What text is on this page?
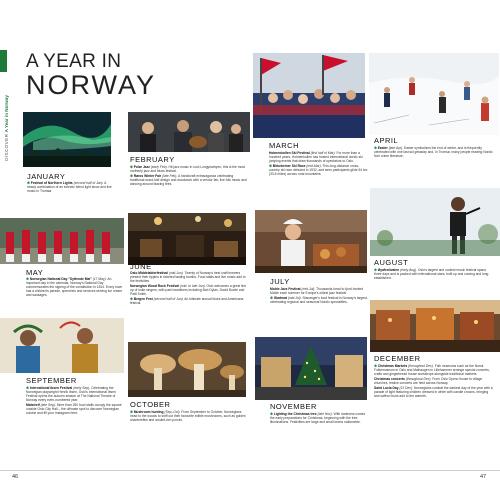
DISCOVER A Year in Norway
A YEAR IN
NORWAY
JANUARY

✱ Festival of Northern Lights (second half of Jan). A heady combination of an eclectic blend light show and live music in Tromsø.

FEBRUARY

✱ Polar Jazz (early Feb). Hit jazz music in cool Longyearbyen; this is the most northerly jazz and blues festival.

✱ Røros Winter Fair (late Feb). A handicraft extravaganza celebrating traditional wood-knit design and woodwork with a vendor fair, live folk music and dancing around blazing fires.

MARCH

Holmenkollen Ski Festival (first half of Mar). For more than a hundred years, Holmenkollen has hosted international nordic ski jumping events that draw thousands of spectators to Oslo.

✱ Birkebeiner Ski Race (mid-Mar). This long-distance cross-country ski race debuted in 1932, and sees participants glide 54 km (33.5 miles) across rural mountains.

APRIL

✱ Easter (late Apr). Easter symbolizes the end of winter, and is frequently celebrated with one last ski getaway and, in Tromsø, many people reading Nordic Noir crime literature.

MAY

✱ Norwegian National Day "Syttende Mai" (17 May). An important day in the calendar, Norway's National Day commemorates the signing of the constitution in 1814. Every town has a children's parade, speeches and services serving ice cream and sausages.

JUNE

Oslo Middelalderfestival (mid-Jun). Twenty of Norway's best craft brewers present their tipples in ticketed tasting booths. Food stalls and live music add to the festivities.

Norwegian Wood Rock Festival (mid- to late Jun). Oslo welcomes a great line up of indie singers, with past headliners including Bob Dylan, David Bowie and Patti Smith.

✱ Bergen Fest (second half of Jun). An intimate annual blues and Americana festival.

JULY

Molde Jazz Festival (mid-Jul). Thousands head to fjord-fronted Molde each summer for Europe's oldest jazz festival.

✱ Gladmat (mid-Jul). Stavanger's food festival is Norway's largest, celebrating regional and seasonal Nordic specialities.

AUGUST

✱ Øyafestivalen (early Aug). Oslo's largest and coolest music festival spans three days and is packed with international stars, built up and coming and long established.

SEPTEMBER

✱ International Ibsen Festival (early Sep). Celebrating the Norwegian playwright Henrik Ibsen, Oslo's International Ibsen Festival opens the autumn season at The National Theatre of Norway every even-numbered year.

Matstreif (late Sep). More than 250 food stalls occupy the square outside Oslo City Hall – the ultimate spot to discover Norwegian cuisine and fill your Instagram feed.

OCTOBER

✱ Mushroom hunting (Sep–Oct). From September to October, Norwegians head to the woods to sniff out their favourite edible mushrooms, such as golden chanterelles and amulet-rich porcini.

NOVEMBER

✱ Lighting the Christmas tree (late Nov). With darkness comes the early preparations for Christmas, beginning with the tree illuminations. Festivities are large and small towns nationwide.

DECEMBER

✱ Christmas Markets (throughout Dec). Folk museums such as the Norsk Folkemuseum in Oslo and Maihaugen in Lillehammer arrange special concerts, crafts and gingerbread house workshops alongside traditional markets.

Christmas concerts (throughout Dec). From Oslo Opera House to village churches, festive concerts are held across Norway.

Saint Lucia Day (13 Dec). Norwegians combat the darkest day of the year with a parade of light featuring children dressed in white with candle crowns, bringing and saffron buns add to the warmth.

46	47
